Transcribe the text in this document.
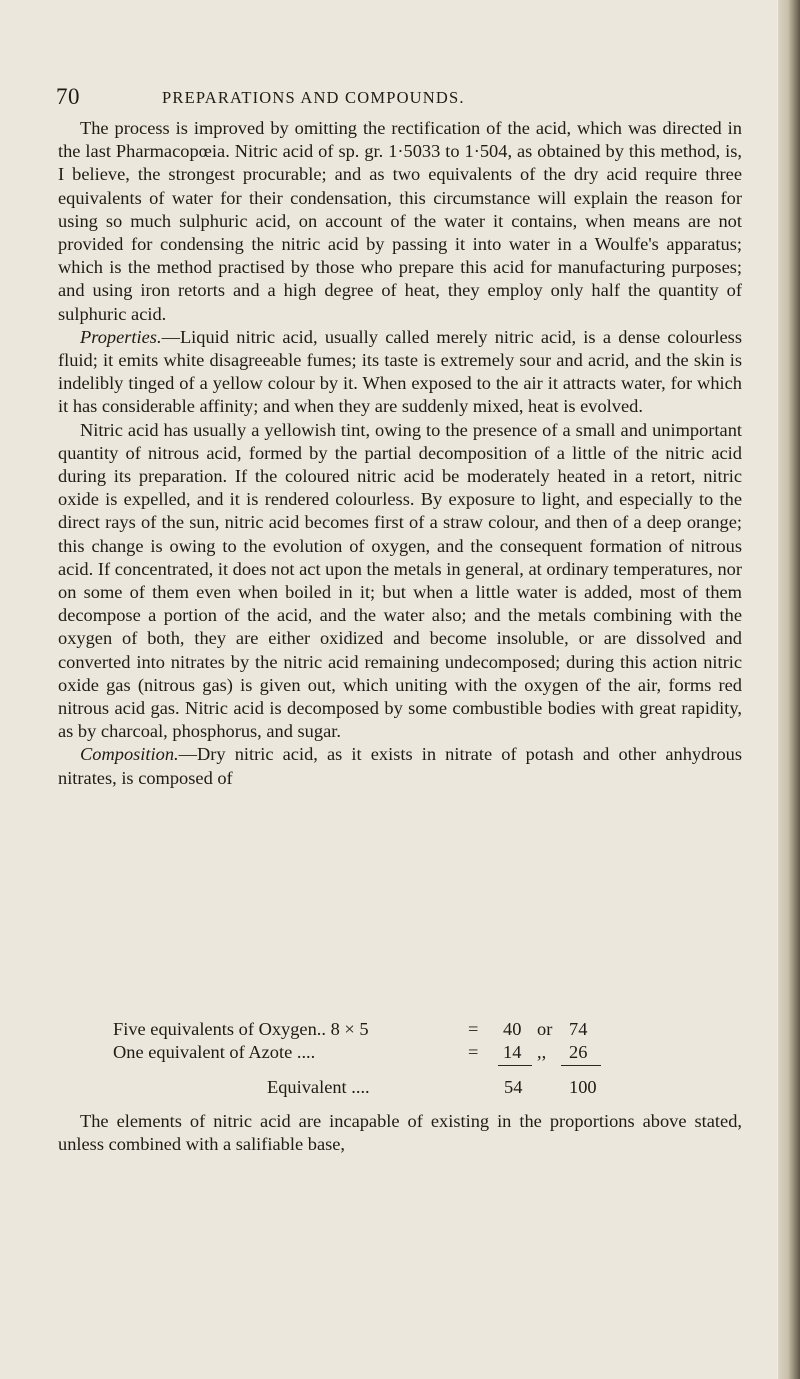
70	PREPARATIONS AND COMPOUNDS.

The process is improved by omitting the rectification of the acid, which was directed in the last Pharmacopœia. Nitric acid of sp. gr. 1·5033 to 1·504, as obtained by this method, is, I believe, the strongest procurable; and as two equivalents of the dry acid require three equivalents of water for their condensation, this circumstance will explain the reason for using so much sulphuric acid, on account of the water it contains, when means are not provided for condensing the nitric acid by passing it into water in a Woulfe's apparatus; which is the method practised by those who prepare this acid for manufacturing purposes; and using iron retorts and a high degree of heat, they employ only half the quantity of sulphuric acid.

Properties.—Liquid nitric acid, usually called merely nitric acid, is a dense colourless fluid; it emits white disagreeable fumes; its taste is extremely sour and acrid, and the skin is indelibly tinged of a yellow colour by it. When exposed to the air it attracts water, for which it has considerable affinity; and when they are suddenly mixed, heat is evolved.

Nitric acid has usually a yellowish tint, owing to the presence of a small and unimportant quantity of nitrous acid, formed by the partial decomposition of a little of the nitric acid during its preparation. If the coloured nitric acid be moderately heated in a retort, nitric oxide is expelled, and it is rendered colourless. By exposure to light, and especially to the direct rays of the sun, nitric acid becomes first of a straw colour, and then of a deep orange; this change is owing to the evolution of oxygen, and the consequent formation of nitrous acid. If concentrated, it does not act upon the metals in general, at ordinary temperatures, nor on some of them even when boiled in it; but when a little water is added, most of them decompose a portion of the acid, and the water also; and the metals combining with the oxygen of both, they are either oxidized and become insoluble, or are dissolved and converted into nitrates by the nitric acid remaining undecomposed; during this action nitric oxide gas (nitrous gas) is given out, which uniting with the oxygen of the air, forms red nitrous acid gas. Nitric acid is decomposed by some combustible bodies with great rapidity, as by charcoal, phosphorus, and sugar.

Composition.—Dry nitric acid, as it exists in nitrate of potash and other anhydrous nitrates, is composed of

Five equivalents of Oxygen.. 8 × 5	= 40 or 74
One equivalent of Azote ....	= 14 ,, 26
Equivalent ....	54	100

The elements of nitric acid are incapable of existing in the proportions above stated, unless combined with a salifiable base,
